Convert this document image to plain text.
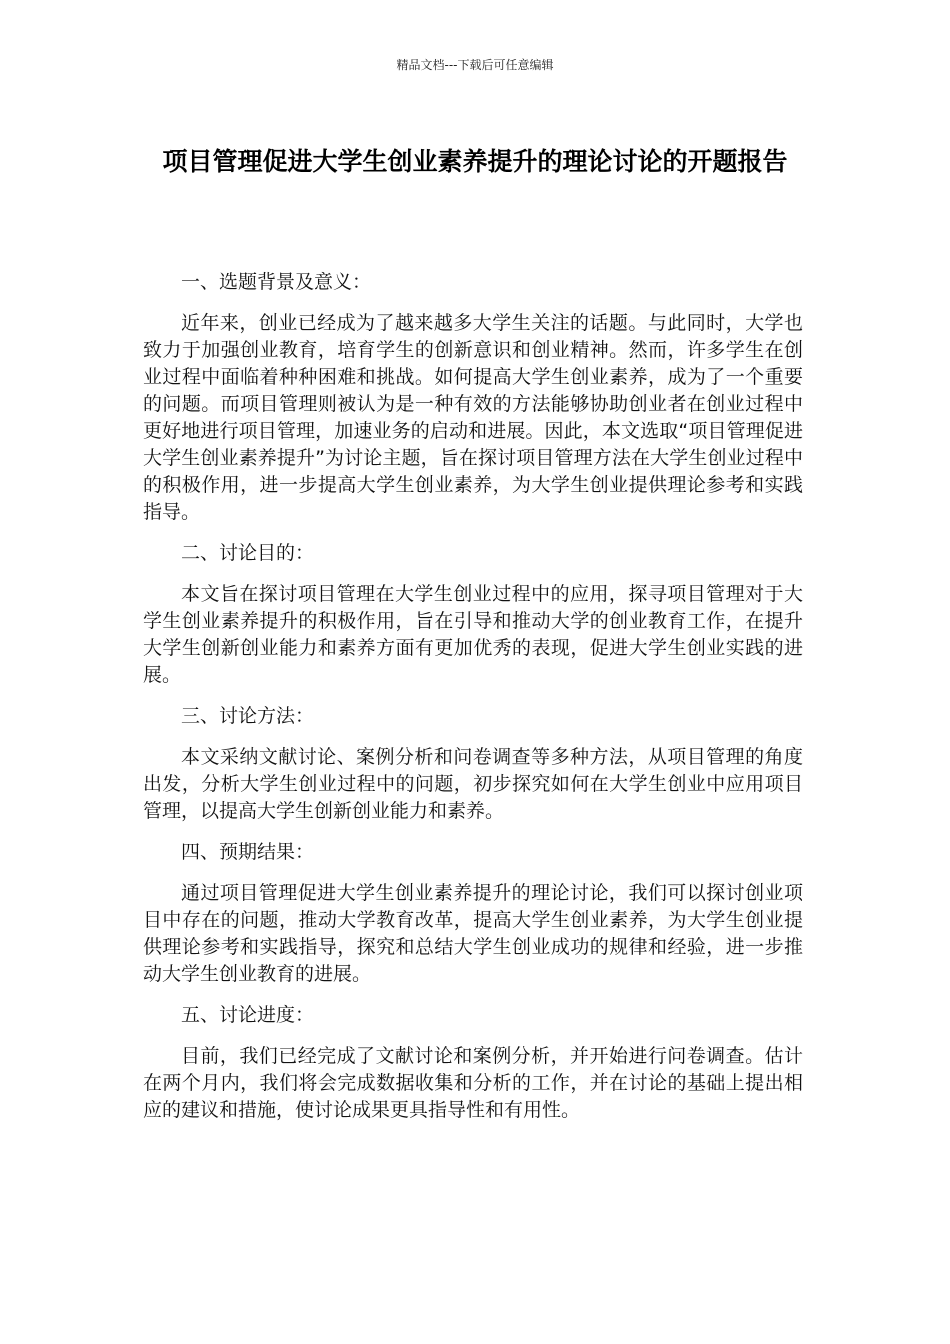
精品文档---下载后可任意编辑
项目管理促进大学生创业素养提升的理论讨论的开题报告
一、选题背景及意义：
近年来，创业已经成为了越来越多大学生关注的话题。与此同时，大学也致力于加强创业教育，培育学生的创新意识和创业精神。然而，许多学生在创业过程中面临着种种困难和挑战。如何提高大学生创业素养，成为了一个重要的问题。而项目管理则被认为是一种有效的方法能够协助创业者在创业过程中更好地进行项目管理，加速业务的启动和进展。因此，本文选取“项目管理促进大学生创业素养提升”为讨论主题，旨在探讨项目管理方法在大学生创业过程中的积极作用，进一步提高大学生创业素养，为大学生创业提供理论参考和实践指导。
二、讨论目的：
本文旨在探讨项目管理在大学生创业过程中的应用，探寻项目管理对于大学生创业素养提升的积极作用，旨在引导和推动大学的创业教育工作，在提升大学生创新创业能力和素养方面有更加优秀的表现，促进大学生创业实践的进展。
三、讨论方法：
本文采纳文献讨论、案例分析和问卷调查等多种方法，从项目管理的角度出发，分析大学生创业过程中的问题，初步探究如何在大学生创业中应用项目管理，以提高大学生创新创业能力和素养。
四、预期结果：
通过项目管理促进大学生创业素养提升的理论讨论，我们可以探讨创业项目中存在的问题，推动大学教育改革，提高大学生创业素养，为大学生创业提供理论参考和实践指导，探究和总结大学生创业成功的规律和经验，进一步推动大学生创业教育的进展。
五、讨论进度：
目前，我们已经完成了文献讨论和案例分析，并开始进行问卷调查。估计在两个月内，我们将会完成数据收集和分析的工作，并在讨论的基础上提出相应的建议和措施，使讨论成果更具指导性和有用性。
